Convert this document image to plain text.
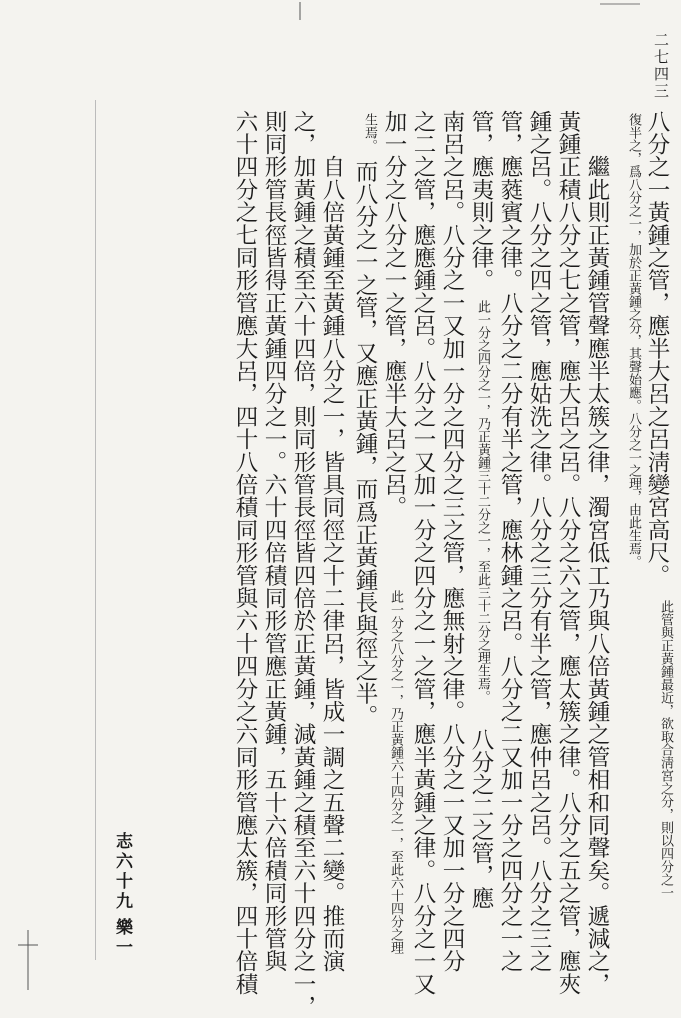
二七四三
志六十九
樂一
八分之一黃鍾之管，應半大呂之呂淸變宮高尺。
此管與正黃鍾最近，欲取合淸宮之分，則以四分之一
復半之，爲八分之一，加於正黃鍾之分，其聲始應。八分之一之理，由此生焉。
　　繼此則正黃鍾管聲應半太簇之律，濁宮低工乃與八倍黃鍾之管相和同聲矣。遞減之，
黃鍾正積八分之七之管，應大呂之呂。八分之六之管，應太簇之律。八分之五之管，應夾
鍾之呂。八分之四之管，應姑洗之律。八分之三分有半之管，應仲呂之呂。八分之三之
管，應蕤賓之律。八分之二分有半之管，應林鍾之呂。八分之二又加一分之四分之一之
管，應夷則之律。
此一分之四分之一，乃正黃鍾三十二分之一，至此三十二分之理生焉。
八分之二之管，應
南呂之呂。八分之一又加一分之四分之三之管，應無射之律。八分之一又加一分之四分
之二之管，應應鍾之呂。八分之一又加一分之四分之一之管，應半黃鍾之律。八分之一又
加一分之八分之一之管，應半大呂之呂。
此一分之八分之一，乃正黃鍾六十四分之一，至此六十四分之理
生焉。
而八分之一之管，又應正黃鍾，而爲正黃鍾長與徑之半。
　　自八倍黃鍾至黃鍾八分之一，皆具同徑之十二律呂，皆成一調之五聲二變。推而演
之，加黃鍾之積至六十四倍，則同形管長徑皆四倍於正黃鍾，減黃鍾之積至六十四分之一，
則同形管長徑皆得正黃鍾四分之一。六十四倍積同形管應正黃鍾，五十六倍積同形管與
六十四分之七同形管應大呂，四十八倍積同形管與六十四分之六同形管應太簇，四十倍積
